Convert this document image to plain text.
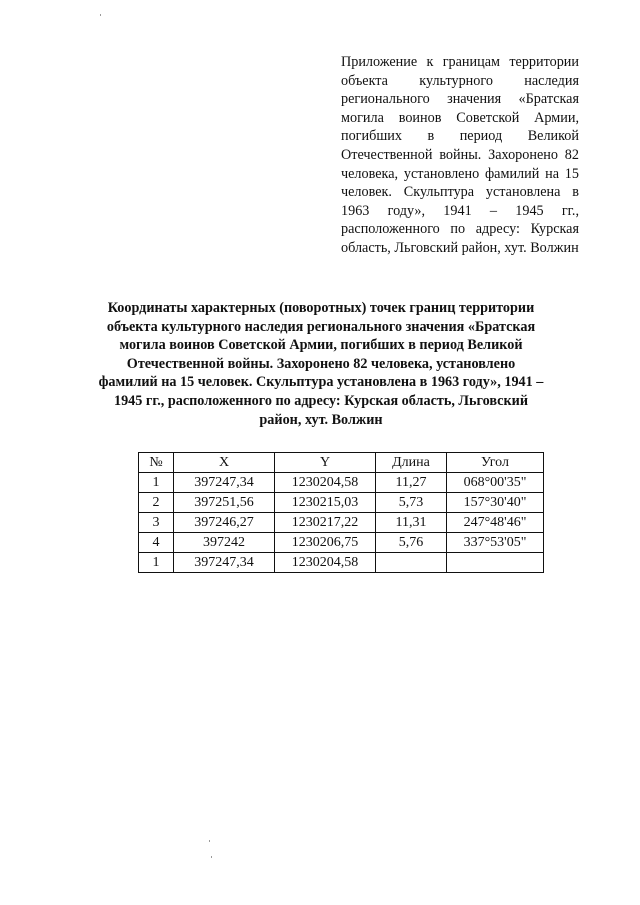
Приложение к границам территории объекта культурного наследия регионального значения «Братская могила воинов Советской Армии, погибших в период Великой Отечественной войны. Захоронено 82 человека, установлено фамилий на 15 человек. Скульптура установлена в 1963 году», 1941 – 1945 гг., расположенного по адресу: Курская область, Льговский район, хут. Волжин
Координаты характерных (поворотных) точек границ территории объекта культурного наследия регионального значения «Братская могила воинов Советской Армии, погибших в период Великой Отечественной войны. Захоронено 82 человека, установлено фамилий на 15 человек. Скульптура установлена в 1963 году», 1941 – 1945 гг., расположенного по адресу: Курская область, Льговский район, хут. Волжин
№	X	Y	Длина	Угол
1	397247,34	1230204,58	11,27	068°00'35"
2	397251,56	1230215,03	5,73	157°30'40"
3	397246,27	1230217,22	11,31	247°48'46"
4	397242	1230206,75	5,76	337°53'05"
1	397247,34	1230204,58		
